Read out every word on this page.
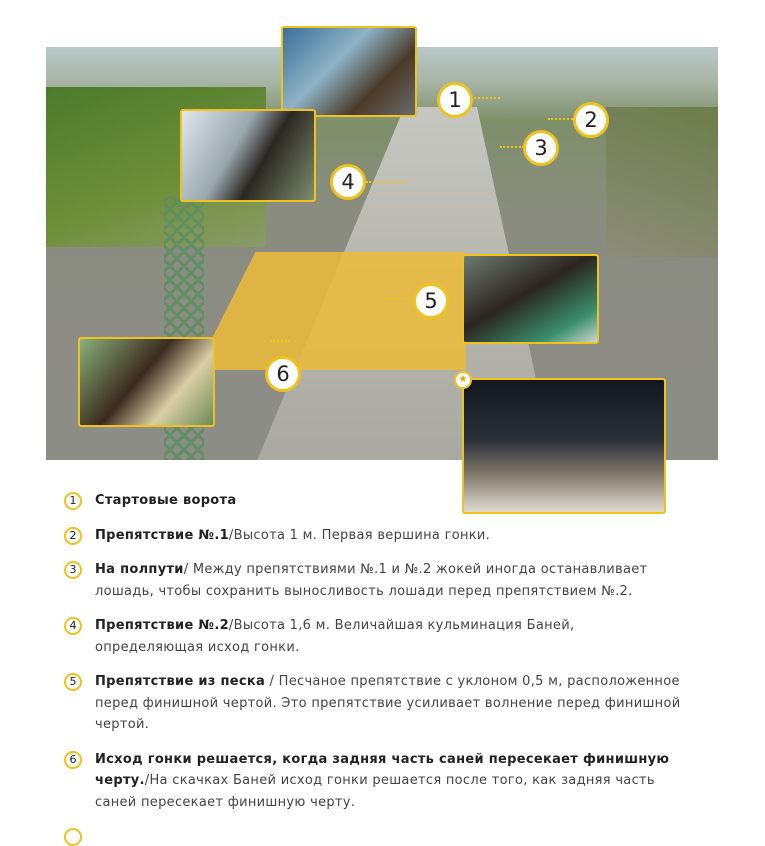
1
2
3
4
5
6	★
1	Стартовые ворота
2	Препятствие №.1/Высота 1 м. Первая вершина гонки.
3	На полпути/ Между препятствиями №.1 и №.2 жокей иногда останавливает лошадь, чтобы сохранить выносливость лошади перед препятствием №.2.
4	Препятствие №.2/Высота 1,6 м. Величайшая кульминация Баней, определяющая исход гонки.
5	Препятствие из песка / Песчаное препятствие с уклоном 0,5 м, расположенное перед финишной чертой. Это препятствие усиливает волнение перед финишной чертой.
6	Исход гонки решается, когда задняя часть саней пересекает финишную черту./На скачках Баней исход гонки решается после того, как задняя часть саней пересекает финишную черту.
